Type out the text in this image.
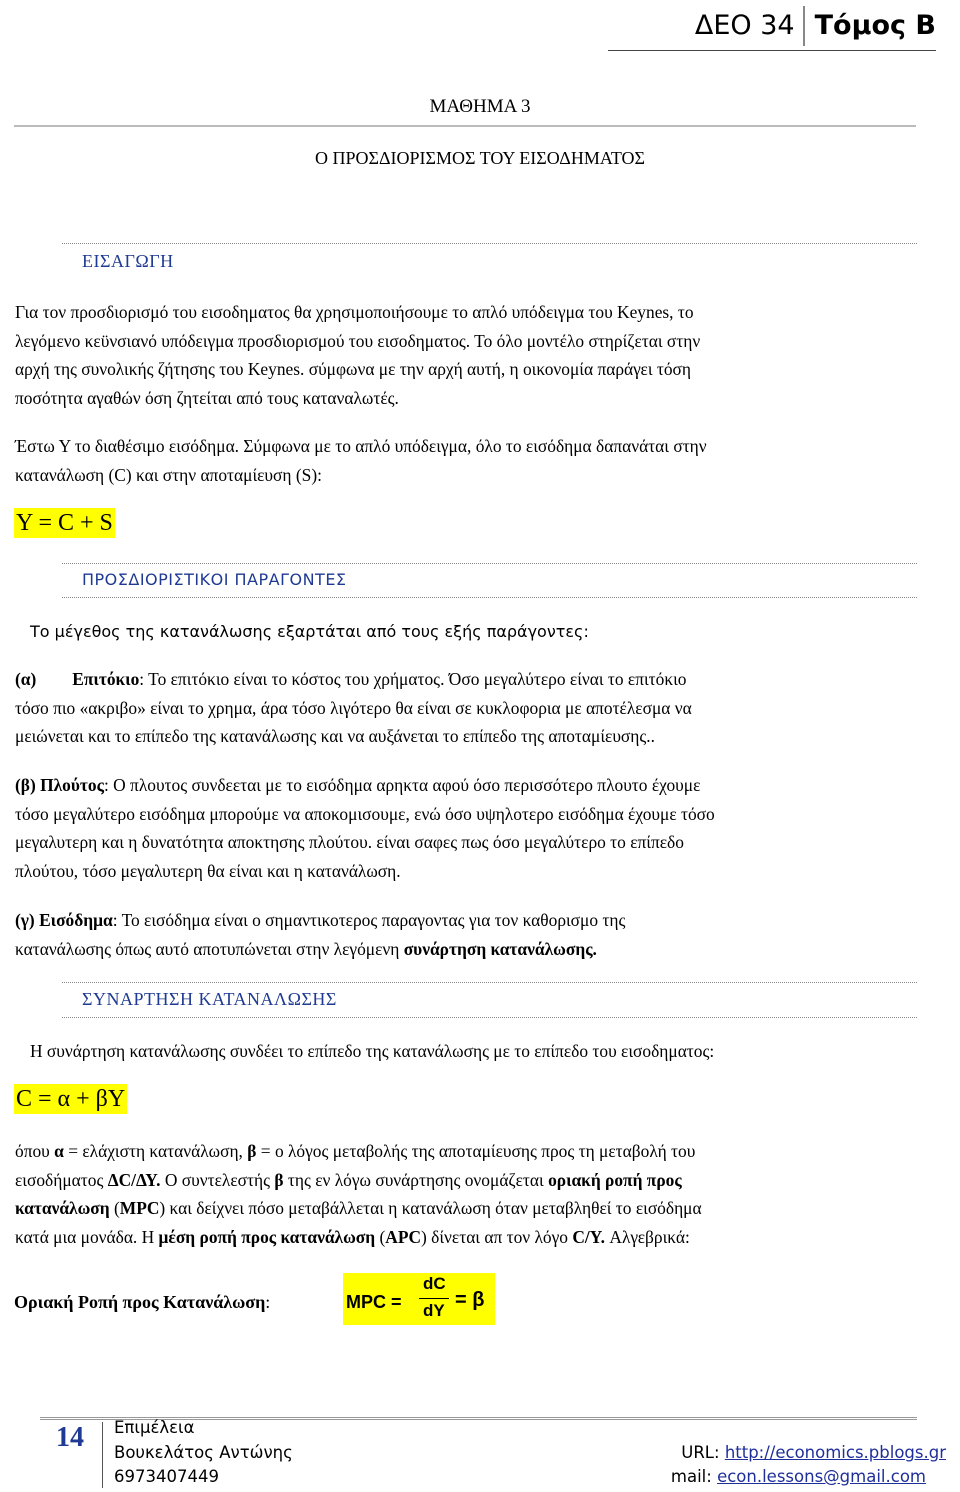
ΔΕΟ 34 Τόμος Β
ΜΑΘΗΜΑ 3
Ο ΠΡΟΣΔΙΟΡΙΣΜΟΣ ΤΟΥ ΕΙΣΟΔΗΜΑΤΟΣ
ΕΙΣΑΓΩΓΗ
Για τον προσδιορισμό του εισοδηματος θα χρησιμοποιήσουμε το απλό υπόδειγμα του Keynes, το
λεγόμενο κεϋνσιανό υπόδειγμα προσδιορισμού του εισοδηματος. Το όλο μοντέλο στηρίζεται στην
αρχή της συνολικής ζήτησης του Keynes. σύμφωνα με την αρχή αυτή, η οικονομία παράγει τόση
ποσότητα αγαθών όση ζητείται από τους καταναλωτές.
Έστω Υ το διαθέσιμο εισόδημα. Σύμφωνα με το απλό υπόδειγμα, όλο το εισόδημα δαπανάται στην
κατανάλωση (C) και στην αποταμίευση (S):
Y = C + S
ΠΡΟΣΔΙΟΡΙΣΤΙΚΟΙ ΠΑΡΑΓΟΝΤΕΣ
Το μέγεθος της κατανάλωσης εξαρτάται από τους εξής παράγοντες:
(α) Επιτόκιο: Το επιτόκιο είναι το κόστος του χρήματος. Όσο μεγαλύτερο είναι το επιτόκιο
τόσο πιο «ακριβο» είναι το χρημα, άρα τόσο λιγότερο θα είναι σε κυκλοφορια με αποτέλεσμα να
μειώνεται και το επίπεδο της κατανάλωσης και να αυξάνεται το επίπεδο της αποταμίευσης..
(β) Πλούτος: Ο πλουτος συνδεεται με το εισόδημα αρηκτα αφού όσο περισσότερο πλουτο έχουμε
τόσο μεγαλύτερο εισόδημα μπορούμε να αποκομισουμε, ενώ όσο υψηλοτερο εισόδημα έχουμε τόσο
μεγαλυτερη και η δυνατότητα αποκτησης πλούτου. είναι σαφες πως όσο μεγαλύτερο το επίπεδο
πλούτου, τόσο μεγαλυτερη θα είναι και η κατανάλωση.
(γ) Εισόδημα: Το εισόδημα είναι ο σημαντικοτερος παραγοντας για τον καθορισμο της
κατανάλωσης όπως αυτό αποτυπώνεται στην λεγόμενη συνάρτηση κατανάλωσης.
ΣΥΝΑΡΤΗΣΗ ΚΑΤΑΝΑΛΩΣΗΣ
Η συνάρτηση κατανάλωσης συνδέει το επίπεδο της κατανάλωσης με το επίπεδο του εισοδηματος:
C = α + βY
όπου α = ελάχιστη κατανάλωση, β = ο λόγος μεταβολής της αποταμίευσης προς τη μεταβολή του
εισοδήματος ΔC/ΔΥ. Ο συντελεστής β της εν λόγω συνάρτησης ονομάζεται οριακή ροπή προς
κατανάλωση (MPC) και δείχνει πόσο μεταβάλλεται η κατανάλωση όταν μεταβληθεί το εισόδημα
κατά μια μονάδα. Η μέση ροπή προς κατανάλωση (APC) δίνεται απ τον λόγο C/Y. Αλγεβρικά:
Οριακή Ροπή προς Κατανάλωση:	MPC =
dC
dY = β
14 Επιμέλεια
Βουκελάτος Αντώνης
6973407449
URL: http://economics.pblogs.gr
mail: econ.lessons@gmail.com
